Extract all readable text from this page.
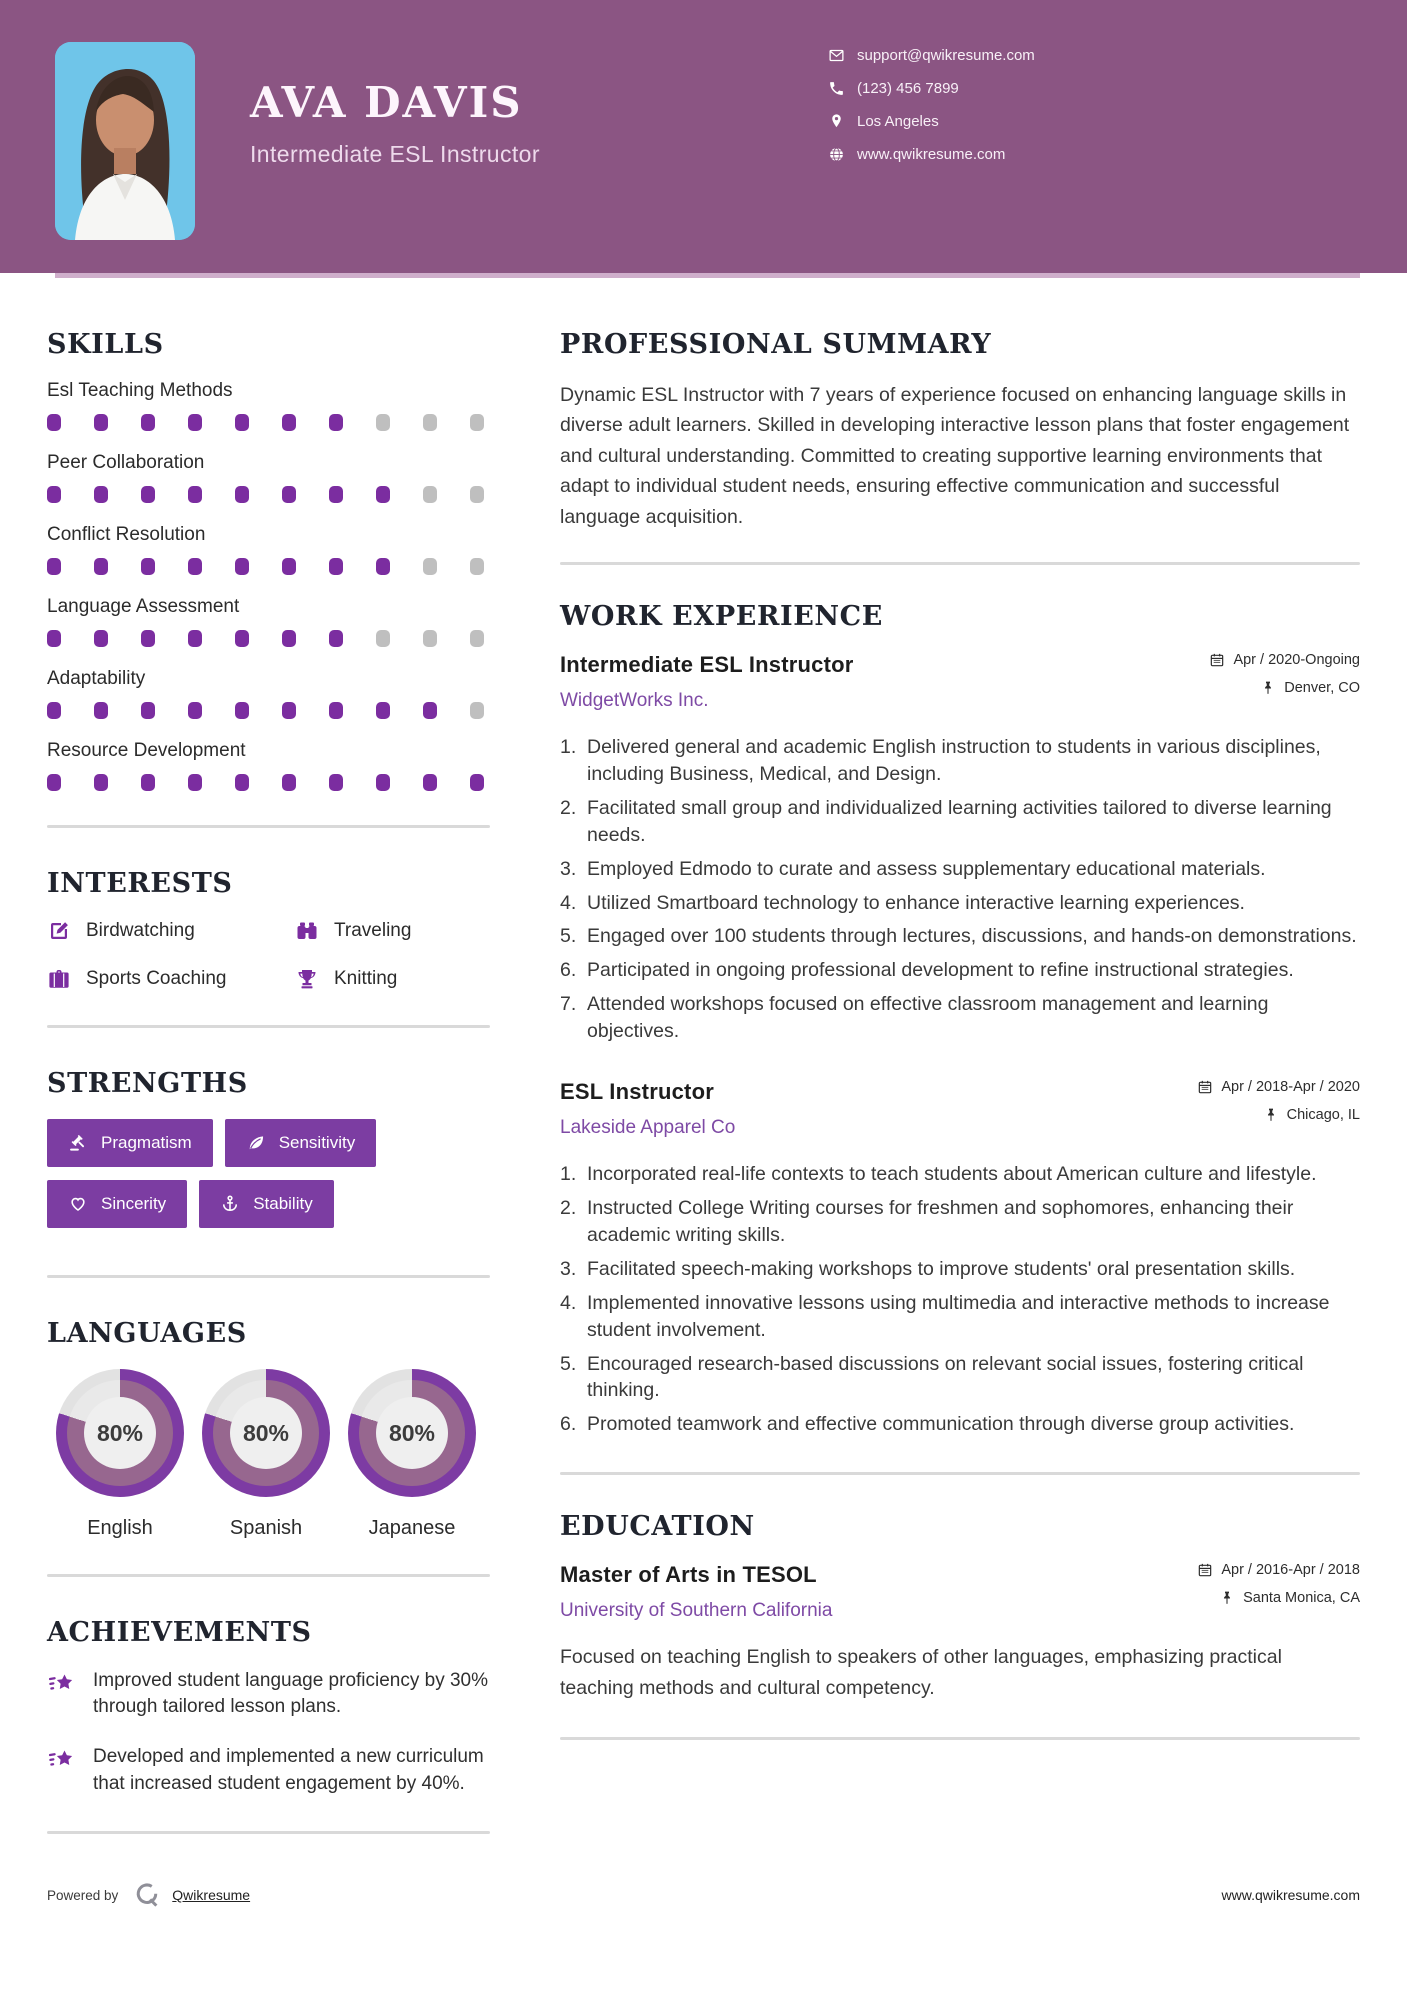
AVA DAVIS
Intermediate ESL Instructor
support@qwikresume.com
(123) 456 7899
Los Angeles
www.qwikresume.com
SKILLS
Esl Teaching Methods
Peer Collaboration
Conflict Resolution
Language Assessment
Adaptability
Resource Development
INTERESTS
Birdwatching	Traveling
Sports Coaching	Knitting
STRENGTHS
Pragmatism	Sensitivity
Sincerity	Stability
LANGUAGES
80%
English
80%
Spanish
80%
Japanese
ACHIEVEMENTS
Improved student language proficiency by 30% through tailored lesson plans.
Developed and implemented a new curriculum that increased student engagement by 40%.
PROFESSIONAL SUMMARY

Dynamic ESL Instructor with 7 years of experience focused on enhancing language skills in diverse adult learners. Skilled in developing interactive lesson plans that foster engagement and cultural understanding. Committed to creating supportive learning environments that adapt to individual student needs, ensuring effective communication and successful language acquisition.

WORK EXPERIENCE
Intermediate ESL Instructor
WidgetWorks Inc.
Apr / 2020-Ongoing
Denver, CO
Delivered general and academic English instruction to students in various disciplines, including Business, Medical, and Design.
Facilitated small group and individualized learning activities tailored to diverse learning needs.
Employed Edmodo to curate and assess supplementary educational materials.
Utilized Smartboard technology to enhance interactive learning experiences.
Engaged over 100 students through lectures, discussions, and hands-on demonstrations.
Participated in ongoing professional development to refine instructional strategies.
Attended workshops focused on effective classroom management and learning objectives.
ESL Instructor
Lakeside Apparel Co
Apr / 2018-Apr / 2020
Chicago, IL
Incorporated real-life contexts to teach students about American culture and lifestyle.
Instructed College Writing courses for freshmen and sophomores, enhancing their academic writing skills.
Facilitated speech-making workshops to improve students' oral presentation skills.
Implemented innovative lessons using multimedia and interactive methods to increase student involvement.
Encouraged research-based discussions on relevant social issues, fostering critical thinking.
Promoted teamwork and effective communication through diverse group activities.
EDUCATION
Master of Arts in TESOL
University of Southern California
Apr / 2016-Apr / 2018
Santa Monica, CA

Focused on teaching English to speakers of other languages, emphasizing practical teaching methods and cultural competency.

Powered by	Qwikresume	www.qwikresume.com
